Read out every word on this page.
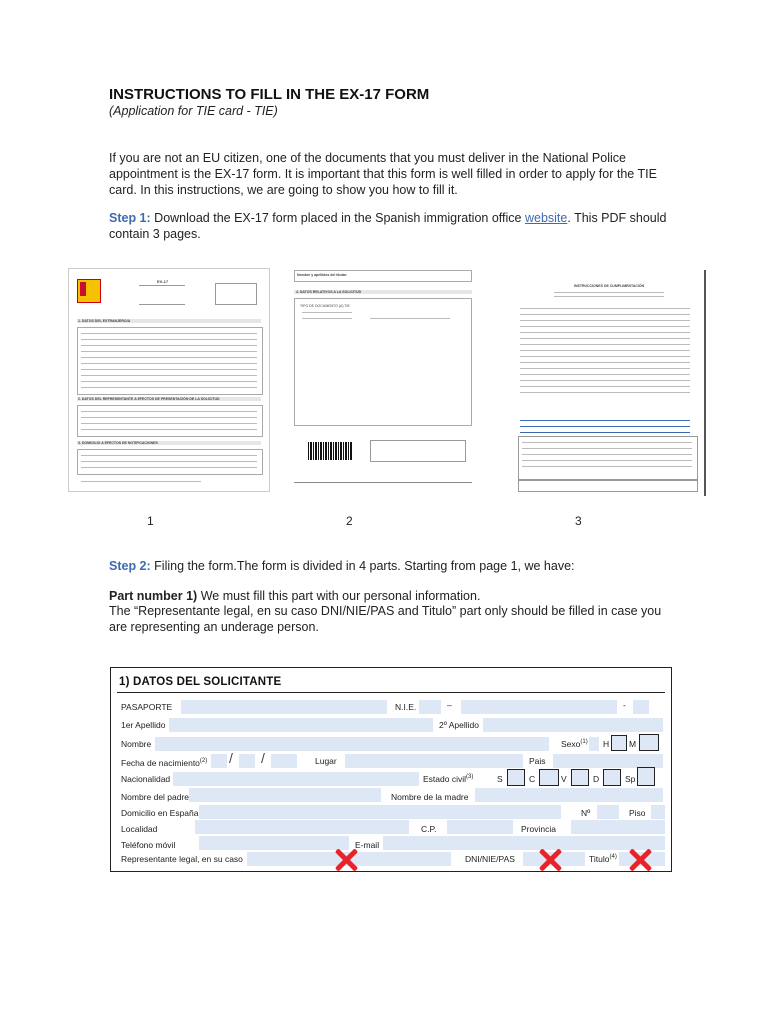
INSTRUCTIONS TO FILL IN THE EX-17 FORM
(Application for TIE card - TIE)
If you are not an EU citizen, one of the documents that you must deliver in the National Police appointment is the EX-17 form. It is important that this form is well filled in order to apply for the TIE card. In this instructions, we are going to show you how to fill it.
Step 1: Download the EX-17 form placed in the Spanish immigration office website. This PDF should contain 3 pages.
EX-17
1. DATOS DEL EXTRANJERO/A
2. DATOS DEL REPRESENTANTE A EFECTOS DE PRESENTACIÓN DE LA SOLICITUD
3. DOMICILIO A EFECTOS DE NOTIFICACIONES
1
Nombre y apellidos del titular:
4. DATOS RELATIVOS A LA SOLICITUD
TIPO DE DOCUMENTO (A) TIE
2
INSTRUCCIONES DE CUMPLIMENTACIÓN
3
Step 2: Filing the form.The form is divided in 4 parts. Starting from page 1, we have:
Part number 1) We must fill this part with our personal information.
The “Representante legal, en su caso DNI/NIE/PAS and Titulo” part only should be filled in case you are representing an underage person.
1) DATOS DEL SOLICITANTE
PASAPORTE	N.I.E.	–	-
1er Apellido	2º Apellido
Nombre	Sexo$^{(1)}$ H M
Fecha de nacimiento$^{(2)}$ / /	Lugar	Pais
Nacionalidad	Estado civil$^{(3)}$	S	C	V	D	Sp
Nombre del padre	Nombre de la madre
Domicilio en España	Nº	Piso
Localidad	C.P.	Provincia
Teléfono móvil	E-mail
Representante legal, en su caso	DNI/NIE/PAS	Titulo$^{(4)}$
